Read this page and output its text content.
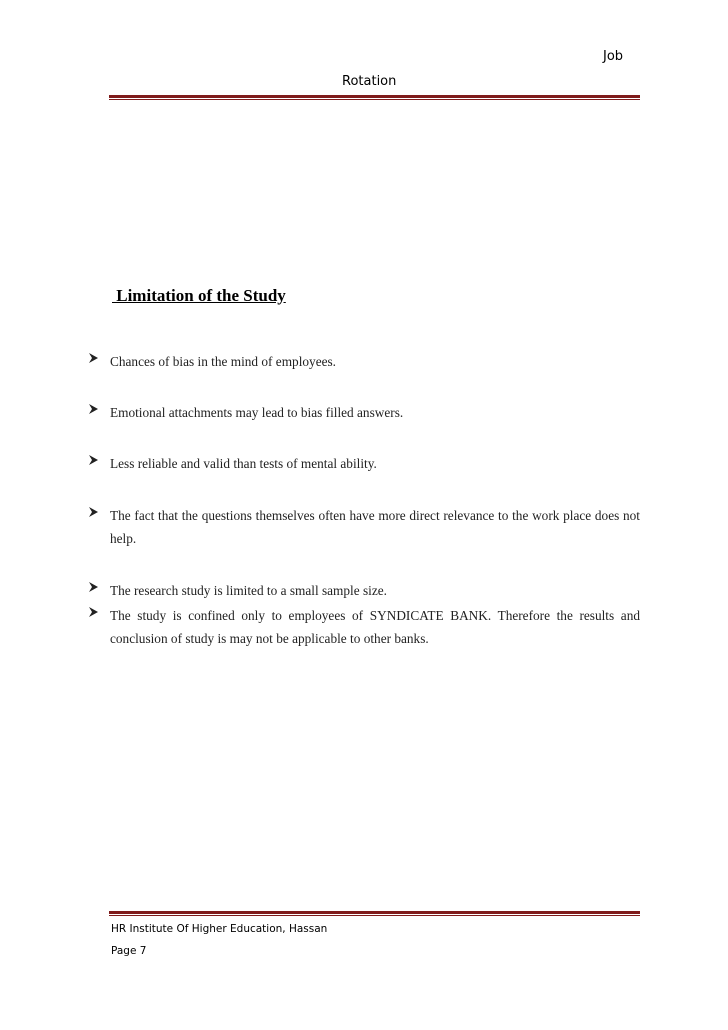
Job
Rotation
Limitation of the Study
Chances of bias in the mind of employees.
Emotional attachments may lead to bias filled answers.
Less reliable and valid than tests of mental ability.
The fact that the questions themselves often have more direct relevance to the work place does not help.
The research study is limited to a small sample size.
The study is confined only to employees of SYNDICATE BANK. Therefore the results and conclusion of study is may not be applicable to other banks.
HR Institute Of Higher Education, Hassan
Page 7
